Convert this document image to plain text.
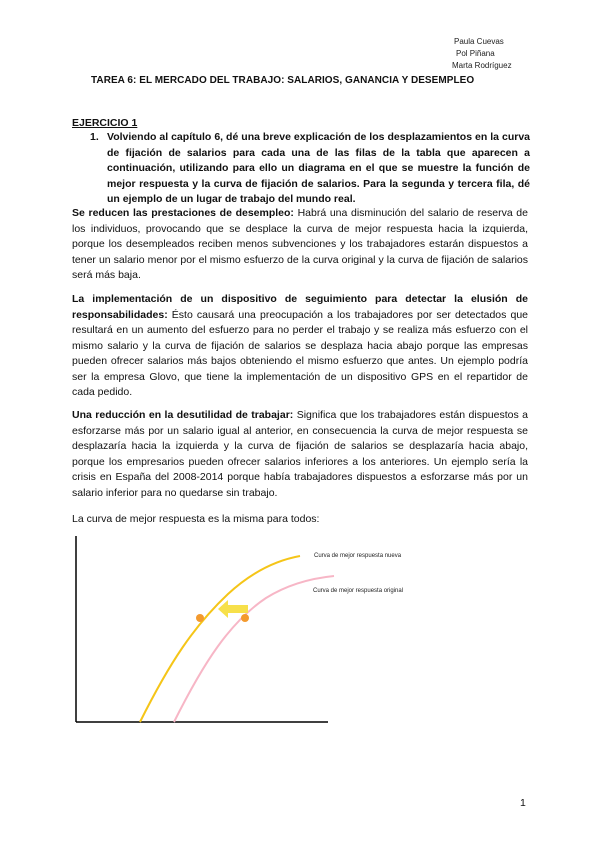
Paula Cuevas
Pol Piñana
Marta Rodríguez
TAREA 6: EL MERCADO DEL TRABAJO: SALARIOS, GANANCIA Y DESEMPLEO
EJERCICIO 1
1. Volviendo al capítulo 6, dé una breve explicación de los desplazamientos en la curva de fijación de salarios para cada una de las filas de la tabla que aparecen a continuación, utilizando para ello un diagrama en el que se muestre la función de mejor respuesta y la curva de fijación de salarios. Para la segunda y tercera fila, dé un ejemplo de un lugar de trabajo del mundo real.
Se reducen las prestaciones de desempleo: Habrá una disminución del salario de reserva de los individuos, provocando que se desplace la curva de mejor respuesta hacia la izquierda, porque los desempleados reciben menos subvenciones y los trabajadores estarán dispuestos a tener un salario menor por el mismo esfuerzo de la curva original y la curva de fijación de salarios será más baja.
La implementación de un dispositivo de seguimiento para detectar la elusión de responsabilidades: Ésto causará una preocupación a los trabajadores por ser detectados que resultará en un aumento del esfuerzo para no perder el trabajo y se realiza más esfuerzo con el mismo salario y la curva de fijación de salarios se desplaza hacia abajo porque las empresas pueden ofrecer salarios más bajos obteniendo el mismo esfuerzo que antes. Un ejemplo podría ser la empresa Glovo, que tiene la implementación de un dispositivo GPS en el repartidor de cada pedido.
Una reducción en la desutilidad de trabajar: Significa que los trabajadores están dispuestos a esforzarse más por un salario igual al anterior, en consecuencia la curva de mejor respuesta se desplazaría hacia la izquierda y la curva de fijación de salarios se desplazaría hacia abajo, porque los empresarios pueden ofrecer salarios inferiores a los anteriores. Un ejemplo sería la crisis en España del 2008-2014 porque había trabajadores dispuestos a esforzarse más por un salario inferior para no quedarse sin trabajo.
La curva de mejor respuesta es la misma para todos:
Curva de mejor respuesta nueva
Curva de mejor respuesta original
1
